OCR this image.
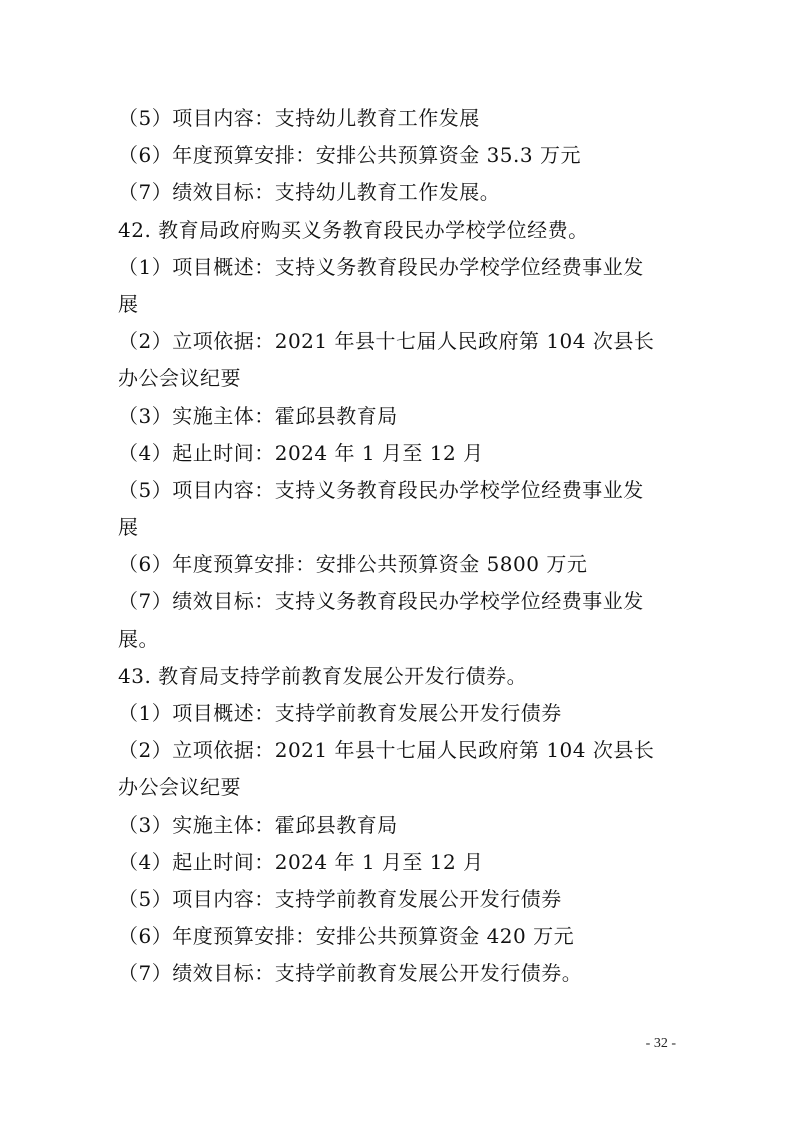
（5）项目内容：支持幼儿教育工作发展
（6）年度预算安排：安排公共预算资金 35.3 万元
（7）绩效目标：支持幼儿教育工作发展。
42. 教育局政府购买义务教育段民办学校学位经费。
（1）项目概述：支持义务教育段民办学校学位经费事业发
展
（2）立项依据：2021 年县十七届人民政府第 104 次县长
办公会议纪要
（3）实施主体：霍邱县教育局
（4）起止时间：2024 年 1 月至 12 月
（5）项目内容：支持义务教育段民办学校学位经费事业发
展
（6）年度预算安排：安排公共预算资金 5800 万元
（7）绩效目标：支持义务教育段民办学校学位经费事业发
展。
43. 教育局支持学前教育发展公开发行债券。
（1）项目概述：支持学前教育发展公开发行债券
（2）立项依据：2021 年县十七届人民政府第 104 次县长
办公会议纪要
（3）实施主体：霍邱县教育局
（4）起止时间：2024 年 1 月至 12 月
（5）项目内容：支持学前教育发展公开发行债券
（6）年度预算安排：安排公共预算资金 420 万元
（7）绩效目标：支持学前教育发展公开发行债券。
- 32 -
